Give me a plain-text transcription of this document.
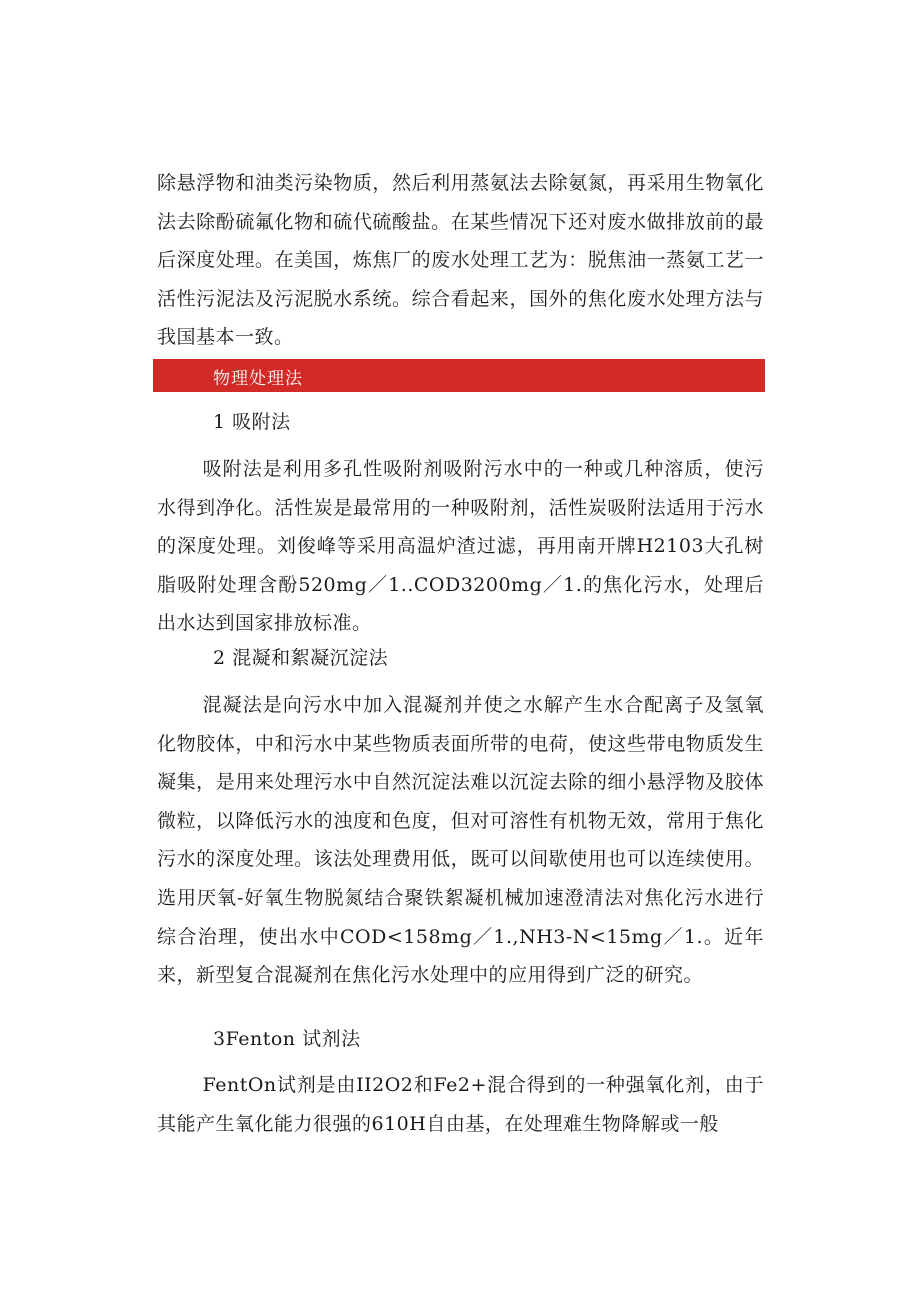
除悬浮物和油类污染物质，然后利用蒸氨法去除氨氮，再采用生物氧化法去除酚硫氟化物和硫代硫酸盐。在某些情况下还对废水做排放前的最后深度处理。在美国，炼焦厂的废水处理工艺为：脱焦油一蒸氨工艺一活性污泥法及污泥脱水系统。综合看起来，国外的焦化废水处理方法与我国基本一致。

物理处理法
1 吸附法

吸附法是利用多孔性吸附剂吸附污水中的一种或几种溶质，使污水得到净化。活性炭是最常用的一种吸附剂，活性炭吸附法适用于污水的深度处理。刘俊峰等采用高温炉渣过滤，再用南开牌H2103大孔树脂吸附处理含酚520mg／1..COD3200mg／1.的焦化污水，处理后出水达到国家排放标准。

2 混凝和絮凝沉淀法

混凝法是向污水中加入混凝剂并使之水解产生水合配离子及氢氧化物胶体，中和污水中某些物质表面所带的电荷，使这些带电物质发生凝集，是用来处理污水中自然沉淀法难以沉淀去除的细小悬浮物及胶体微粒，以降低污水的浊度和色度，但对可溶性有机物无效，常用于焦化污水的深度处理。该法处理费用低，既可以间歇使用也可以连续使用。选用厌氧-好氧生物脱氮结合聚铁絮凝机械加速澄清法对焦化污水进行综合治理，使出水中COD<158mg／1.,NH3-N<15mg／1.。近年来，新型复合混凝剂在焦化污水处理中的应用得到广泛的研究。

3Fenton 试剂法

FentOn试剂是由II2O2和Fe2+混合得到的一种强氧化剂，由于其能产生氧化能力很强的610H自由基，在处理难生物降解或一般
